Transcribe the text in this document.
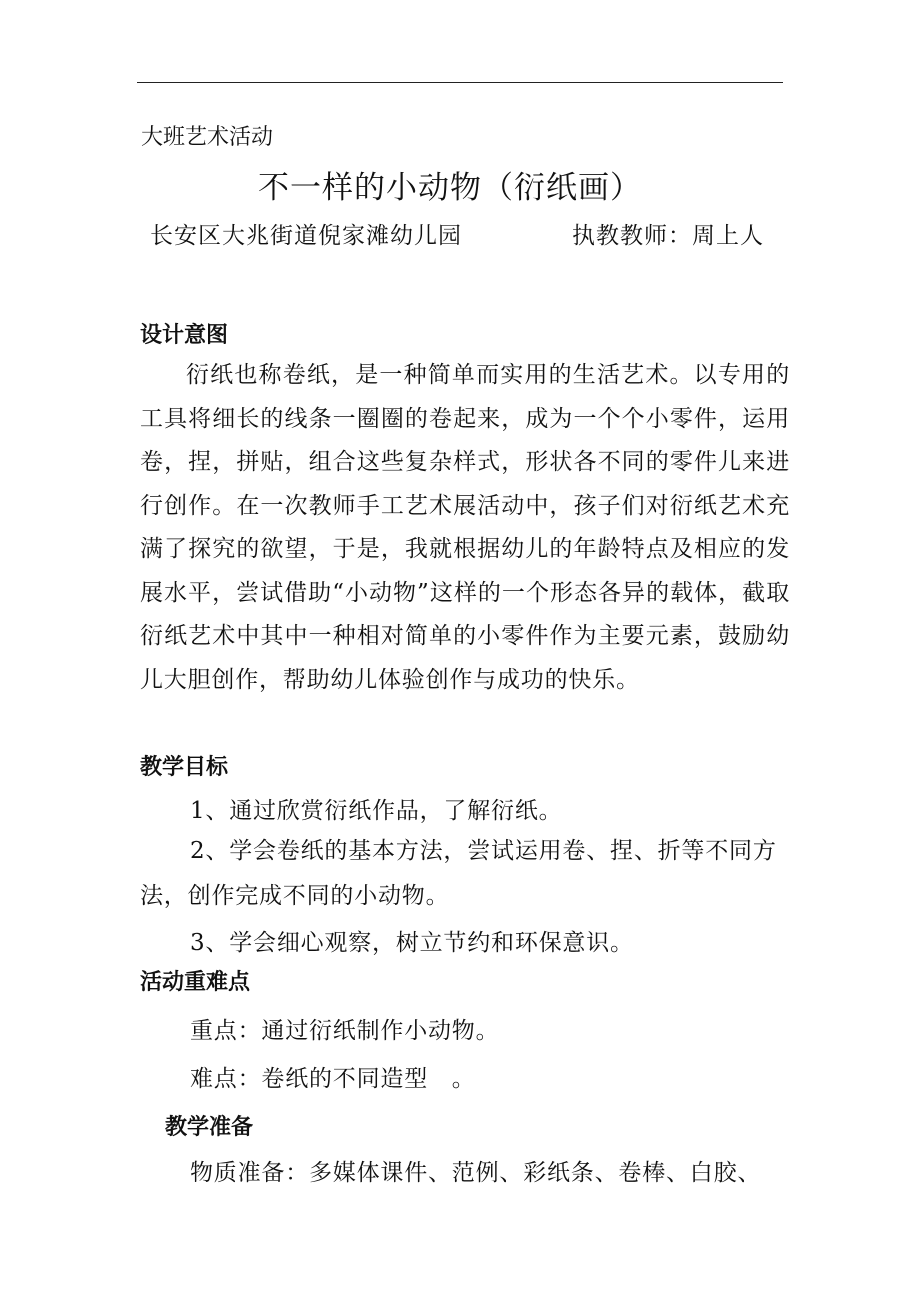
大班艺术活动
不一样的小动物（衍纸画）
长安区大兆街道倪家滩幼儿园	执教教师：周上人
设计意图

衍纸也称卷纸，是一种简单而实用的生活艺术。以专用的工具将细长的线条一圈圈的卷起来，成为一个个小零件，运用卷，捏，拼贴，组合这些复杂样式，形状各不同的零件儿来进行创作。在一次教师手工艺术展活动中，孩子们对衍纸艺术充满了探究的欲望，于是，我就根据幼儿的年龄特点及相应的发展水平，尝试借助“小动物”这样的一个形态各异的载体，截取衍纸艺术中其中一种相对简单的小零件作为主要元素，鼓励幼儿大胆创作，帮助幼儿体验创作与成功的快乐。

教学目标
1、通过欣赏衍纸作品，了解衍纸。

2、学会卷纸的基本方法，尝试运用卷、捏、折等不同方法，创作完成不同的小动物。

3、学会细心观察，树立节约和环保意识。
活动重难点
重点：通过衍纸制作小动物。
难点：卷纸的不同造型　。
教学准备
物质准备：多媒体课件、范例、彩纸条、卷棒、白胶、
